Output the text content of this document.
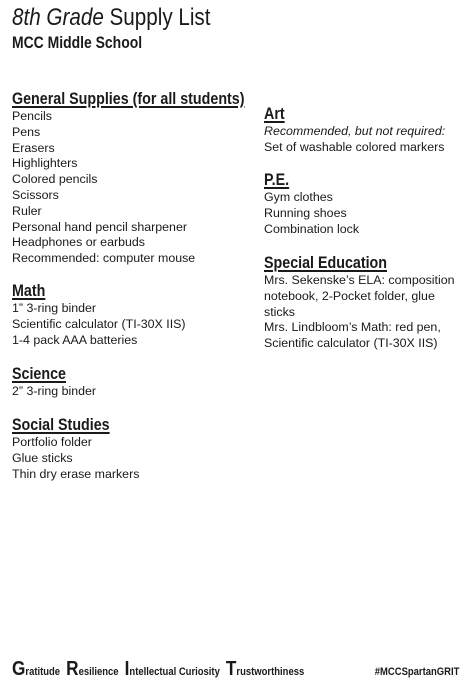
8th Grade Supply List
MCC Middle School
General Supplies (for all students)
Pencils
Pens
Erasers
Highlighters
Colored pencils
Scissors
Ruler
Personal hand pencil sharpener
Headphones or earbuds
Recommended: computer mouse
Math
1” 3-ring binder
Scientific calculator (TI-30X IIS)
1-4 pack AAA batteries
Science
2” 3-ring binder
Social Studies
Portfolio folder
Glue sticks
Thin dry erase markers
Art
Recommended, but not required:
Set of washable colored markers
P.E.
Gym clothes
Running shoes
Combination lock
Special Education
Mrs. Sekenske’s ELA: composition notebook, 2-Pocket folder, glue sticks
Mrs. Lindbloom’s Math: red pen, Scientific calculator (TI-30X IIS)
Gratitude Resilience Intellectual Curiosity Trustworthiness	#MCCSpartanGRIT
